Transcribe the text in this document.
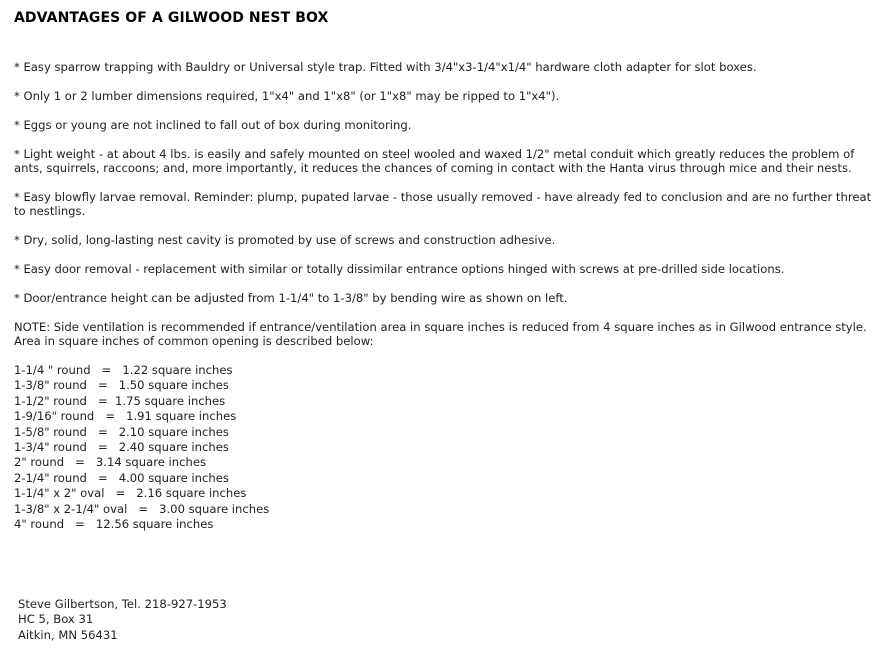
ADVANTAGES OF A GILWOOD NEST BOX

* Easy sparrow trapping with Bauldry or Universal style trap. Fitted with 3/4"x3-1/4"x1/4" hardware cloth adapter for slot boxes.

* Only 1 or 2 lumber dimensions required, 1"x4" and 1"x8" (or 1"x8" may be ripped to 1"x4").

* Eggs or young are not inclined to fall out of box during monitoring.

* Light weight - at about 4 lbs. is easily and safely mounted on steel wooled and waxed 1/2" metal conduit which greatly reduces the problem of ants, squirrels, raccoons; and, more importantly, it reduces the chances of coming in contact with the Hanta virus through mice and their nests.

* Easy blowfly larvae removal. Reminder: plump, pupated larvae - those usually removed - have already fed to conclusion and are no further threat to nestlings.

* Dry, solid, long-lasting nest cavity is promoted by use of screws and construction adhesive.

* Easy door removal - replacement with similar or totally dissimilar entrance options hinged with screws at pre-drilled side locations.

* Door/entrance height can be adjusted from 1-1/4" to 1-3/8" by bending wire as shown on left.

NOTE: Side ventilation is recommended if entrance/ventilation area in square inches is reduced from 4 square inches as in Gilwood entrance style. Area in square inches of common opening is described below:

1-1/4 " round   =   1.22 square inches
1-3/8" round   =   1.50 square inches
1-1/2" round   =  1.75 square inches
1-9/16" round   =   1.91 square inches
1-5/8" round   =   2.10 square inches
1-3/4" round   =   2.40 square inches
2" round   =   3.14 square inches
2-1/4" round   =   4.00 square inches
1-1/4" x 2" oval   =   2.16 square inches
1-3/8" x 2-1/4" oval   =   3.00 square inches
4" round   =   12.56 square inches
Steve Gilbertson, Tel. 218-927-1953
HC 5, Box 31
Aitkin, MN 56431
